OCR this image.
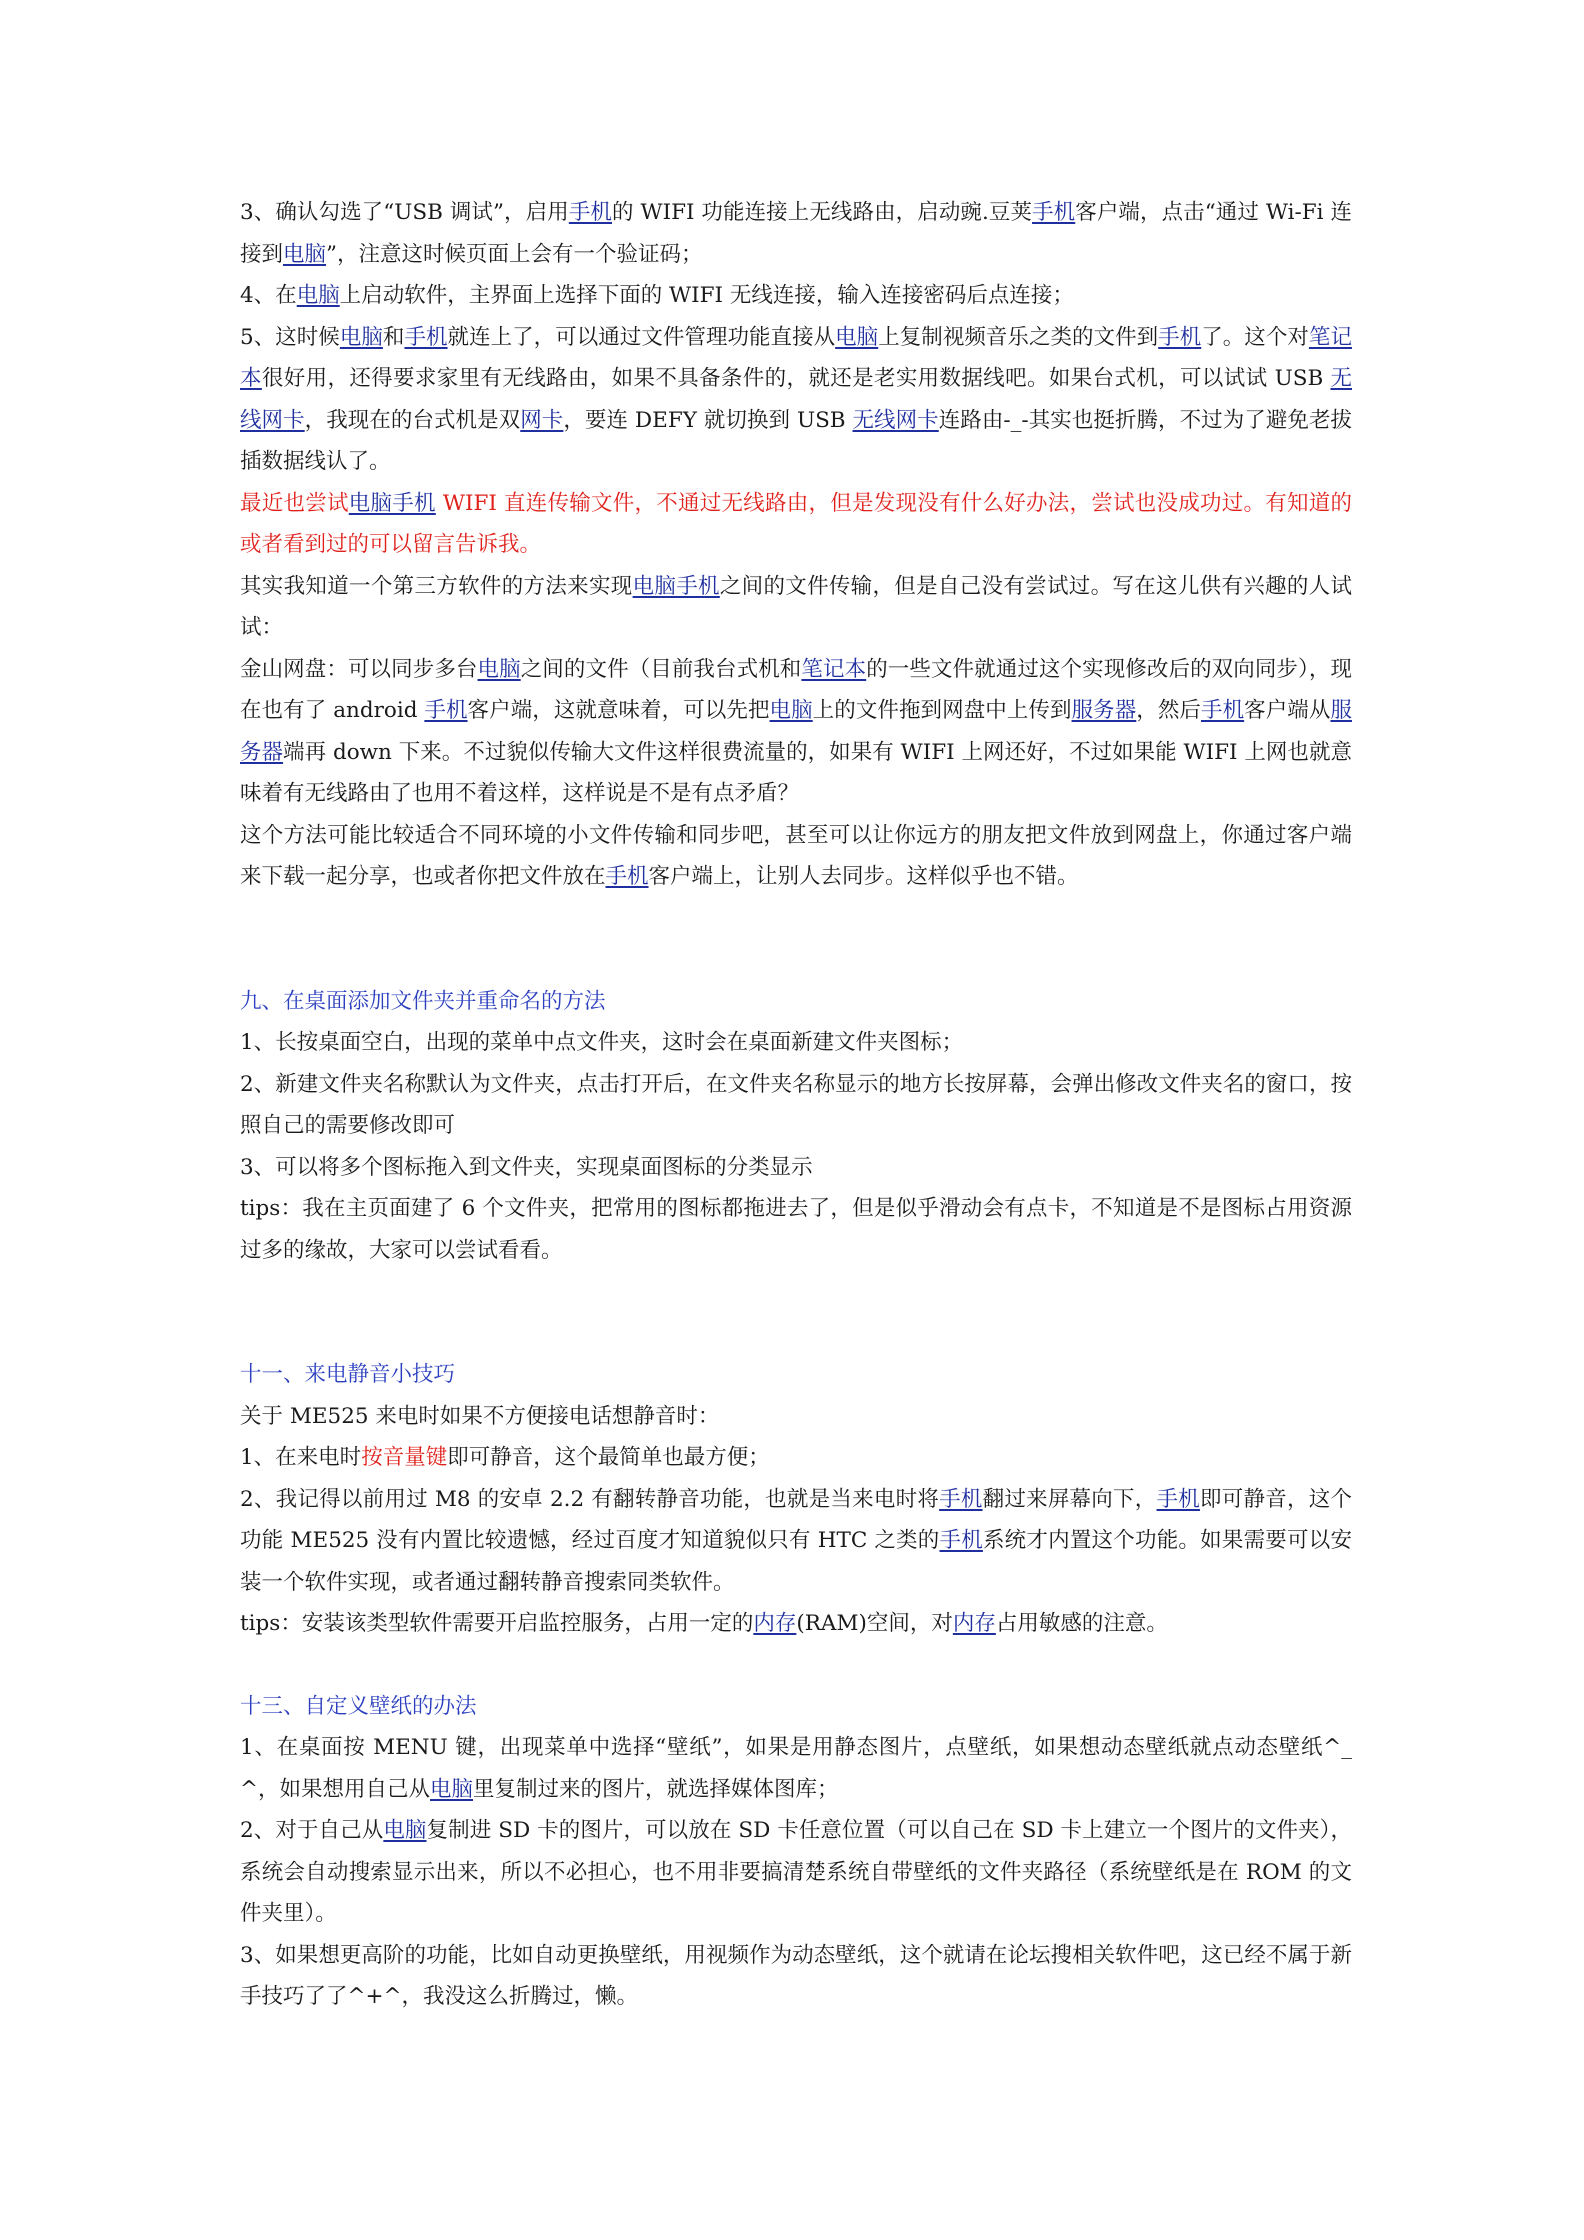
3、确认勾选了“USB 调试”，启用手机的 WIFI 功能连接上无线路由，启动豌.豆荚手机客户端，点击“通过 Wi-Fi 连接到电脑”，注意这时候页面上会有一个验证码；

4、在电脑上启动软件，主界面上选择下面的 WIFI 无线连接，输入连接密码后点连接；

5、这时候电脑和手机就连上了，可以通过文件管理功能直接从电脑上复制视频音乐之类的文件到手机了。这个对笔记本很好用，还得要求家里有无线路由，如果不具备条件的，就还是老实用数据线吧。如果台式机，可以试试 USB 无线网卡，我现在的台式机是双网卡，要连 DEFY 就切换到 USB 无线网卡连路由-_-其实也挺折腾，不过为了避免老拔插数据线认了。

最近也尝试电脑手机 WIFI 直连传输文件，不通过无线路由，但是发现没有什么好办法，尝试也没成功过。有知道的或者看到过的可以留言告诉我。

其实我知道一个第三方软件的方法来实现电脑手机之间的文件传输，但是自己没有尝试过。写在这儿供有兴趣的人试试：

金山网盘：可以同步多台电脑之间的文件（目前我台式机和笔记本的一些文件就通过这个实现修改后的双向同步），现在也有了 android 手机客户端，这就意味着，可以先把电脑上的文件拖到网盘中上传到服务器，然后手机客户端从服务器端再 down 下来。不过貌似传输大文件这样很费流量的，如果有 WIFI 上网还好，不过如果能 WIFI 上网也就意味着有无线路由了也用不着这样，这样说是不是有点矛盾？

这个方法可能比较适合不同环境的小文件传输和同步吧，甚至可以让你远方的朋友把文件放到网盘上，你通过客户端来下载一起分享，也或者你把文件放在手机客户端上，让别人去同步。这样似乎也不错。

九、在桌面添加文件夹并重命名的方法

1、长按桌面空白，出现的菜单中点文件夹，这时会在桌面新建文件夹图标；

2、新建文件夹名称默认为文件夹，点击打开后，在文件夹名称显示的地方长按屏幕，会弹出修改文件夹名的窗口，按照自己的需要修改即可

3、可以将多个图标拖入到文件夹，实现桌面图标的分类显示

tips：我在主页面建了 6 个文件夹，把常用的图标都拖进去了，但是似乎滑动会有点卡，不知道是不是图标占用资源过多的缘故，大家可以尝试看看。

十一、来电静音小技巧

关于 ME525 来电时如果不方便接电话想静音时：

1、在来电时按音量键即可静音，这个最简单也最方便；

2、我记得以前用过 M8 的安卓 2.2 有翻转静音功能，也就是当来电时将手机翻过来屏幕向下，手机即可静音，这个功能 ME525 没有内置比较遗憾，经过百度才知道貌似只有 HTC 之类的手机系统才内置这个功能。如果需要可以安装一个软件实现，或者通过翻转静音搜索同类软件。

tips：安装该类型软件需要开启监控服务，占用一定的内存(RAM)空间，对内存占用敏感的注意。

十三、自定义壁纸的办法

1、在桌面按 MENU 键，出现菜单中选择“壁纸”，如果是用静态图片，点壁纸，如果想动态壁纸就点动态壁纸^_^，如果想用自己从电脑里复制过来的图片，就选择媒体图库；

2、对于自己从电脑复制进 SD 卡的图片，可以放在 SD 卡任意位置（可以自己在 SD 卡上建立一个图片的文件夹），系统会自动搜索显示出来，所以不必担心，也不用非要搞清楚系统自带壁纸的文件夹路径（系统壁纸是在 ROM 的文件夹里）。

3、如果想更高阶的功能，比如自动更换壁纸，用视频作为动态壁纸，这个就请在论坛搜相关软件吧，这已经不属于新手技巧了了^+^，我没这么折腾过，懒。
